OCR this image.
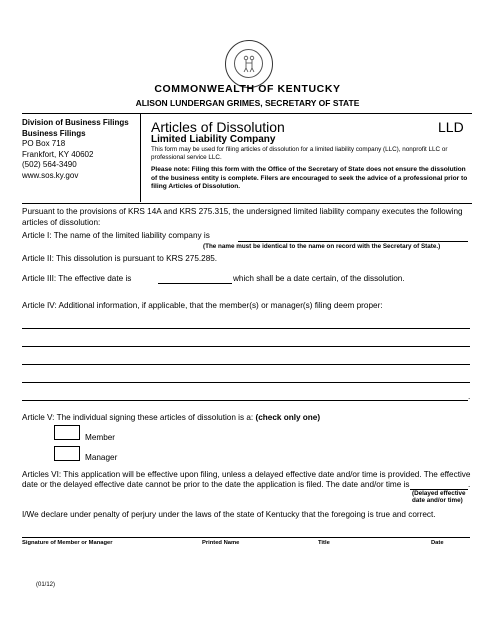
COMMONWEALTH OF KENTUCKY
ALISON LUNDERGAN GRIMES, SECRETARY OF STATE
Division of Business Filings
Business Filings
PO Box 718
Frankfort, KY 40602
(502) 564-3490
www.sos.ky.gov
Articles of Dissolution	LLD
Limited Liability Company
This form may be used for filing articles of dissolution for a limited liability company (LLC), nonprofit LLC or professional service LLC.
Please note: Filing this form with the Office of the Secretary of State does not ensure the dissolution of the business entity is complete. Filers are encouraged to seek the advice of a professional prior to filing Articles of Dissolution.
Pursuant to the provisions of KRS 14A and KRS 275.315, the undersigned limited liability company executes the following articles of dissolution:
Article I: The name of the limited liability company is
(The name must be identical to the name on record with the Secretary of State.)
Article II: This dissolution is pursuant to KRS 275.285.
Article III: The effective date is	which shall be a date certain, of the dissolution.
Article IV: Additional information, if applicable, that the member(s) or manager(s) filing deem proper:
.
Article V: The individual signing these articles of dissolution is a: (check only one)
Member
Manager
Articles VI: This application will be effective upon filing, unless a delayed effective date and/or time is provided. The effective
date or the delayed effective date cannot be prior to the date the application is filed. The date and/or time is	.
(Delayed effective
date and/or time)
I/We declare under penalty of perjury under the laws of the state of Kentucky that the foregoing is true and correct.
Signature of Member or Manager	Printed Name	Title	Date
(01/12)
